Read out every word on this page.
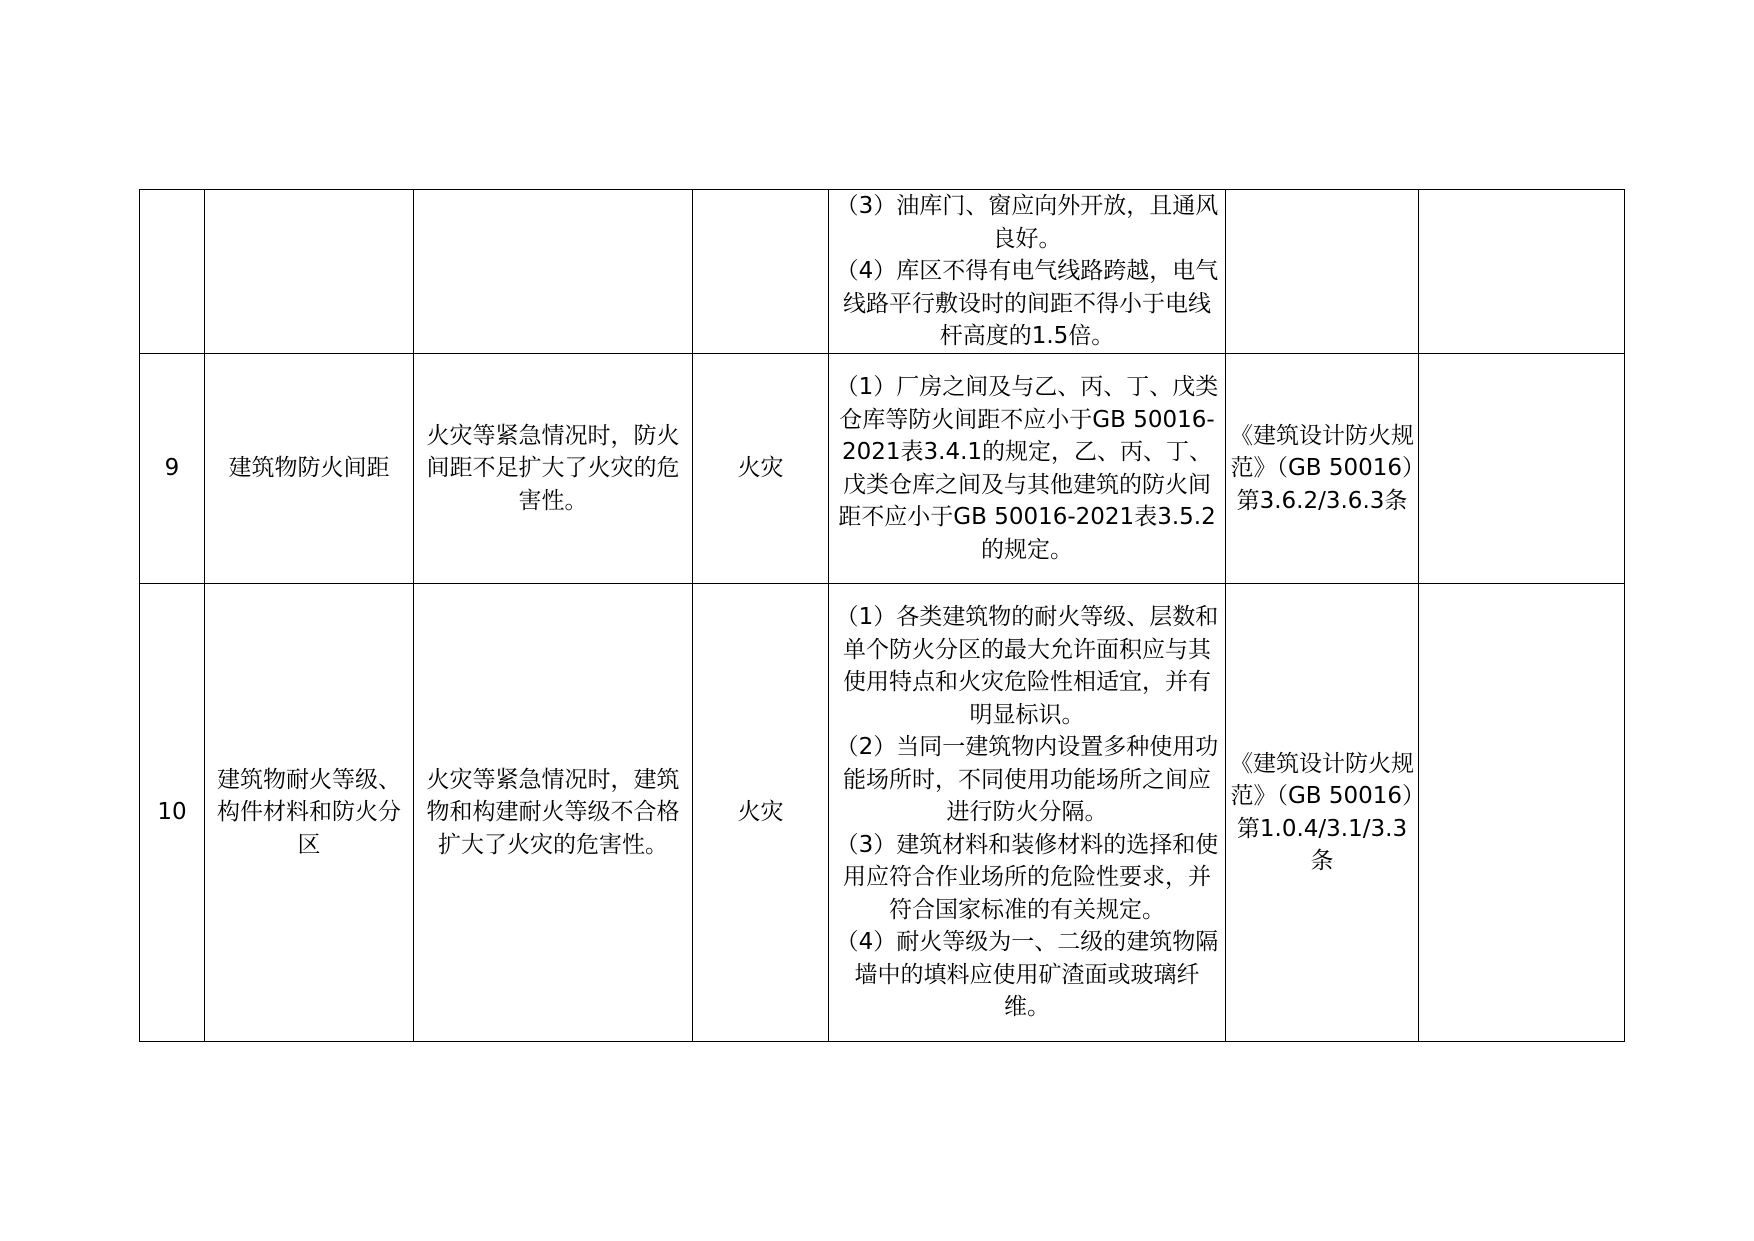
				（3）油库门、窗应向外开放，且通风良好。
（4）库区不得有电气线路跨越，电气线路平行敷设时的间距不得小于电线杆高度的1.5倍。		

9	建筑物防火间距	火灾等紧急情况时，防火间距不足扩大了火灾的危害性。	火灾	（1）厂房之间及与乙、丙、丁、戊类仓库等防火间距不应小于GB 50016-2021表3.4.1的规定，乙、丙、丁、戊类仓库之间及与其他建筑的防火间距不应小于GB 50016-2021表3.5.2的规定。	《建筑设计防火规范》（GB 50016）第3.6.2/3.6.3条	
10	建筑物耐火等级、构件材料和防火分区	火灾等紧急情况时，建筑物和构建耐火等级不合格扩大了火灾的危害性。	火灾	（1）各类建筑物的耐火等级、层数和单个防火分区的最大允许面积应与其使用特点和火灾危险性相适宜，并有明显标识。
（2）当同一建筑物内设置多种使用功能场所时，不同使用功能场所之间应进行防火分隔。
（3）建筑材料和装修材料的选择和使用应符合作业场所的危险性要求，并符合国家标准的有关规定。
（4）耐火等级为一、二级的建筑物隔墙中的填料应使用矿渣面或玻璃纤维。	《建筑设计防火规范》（GB 50016）第1.0.4/3.1/3.3条	
